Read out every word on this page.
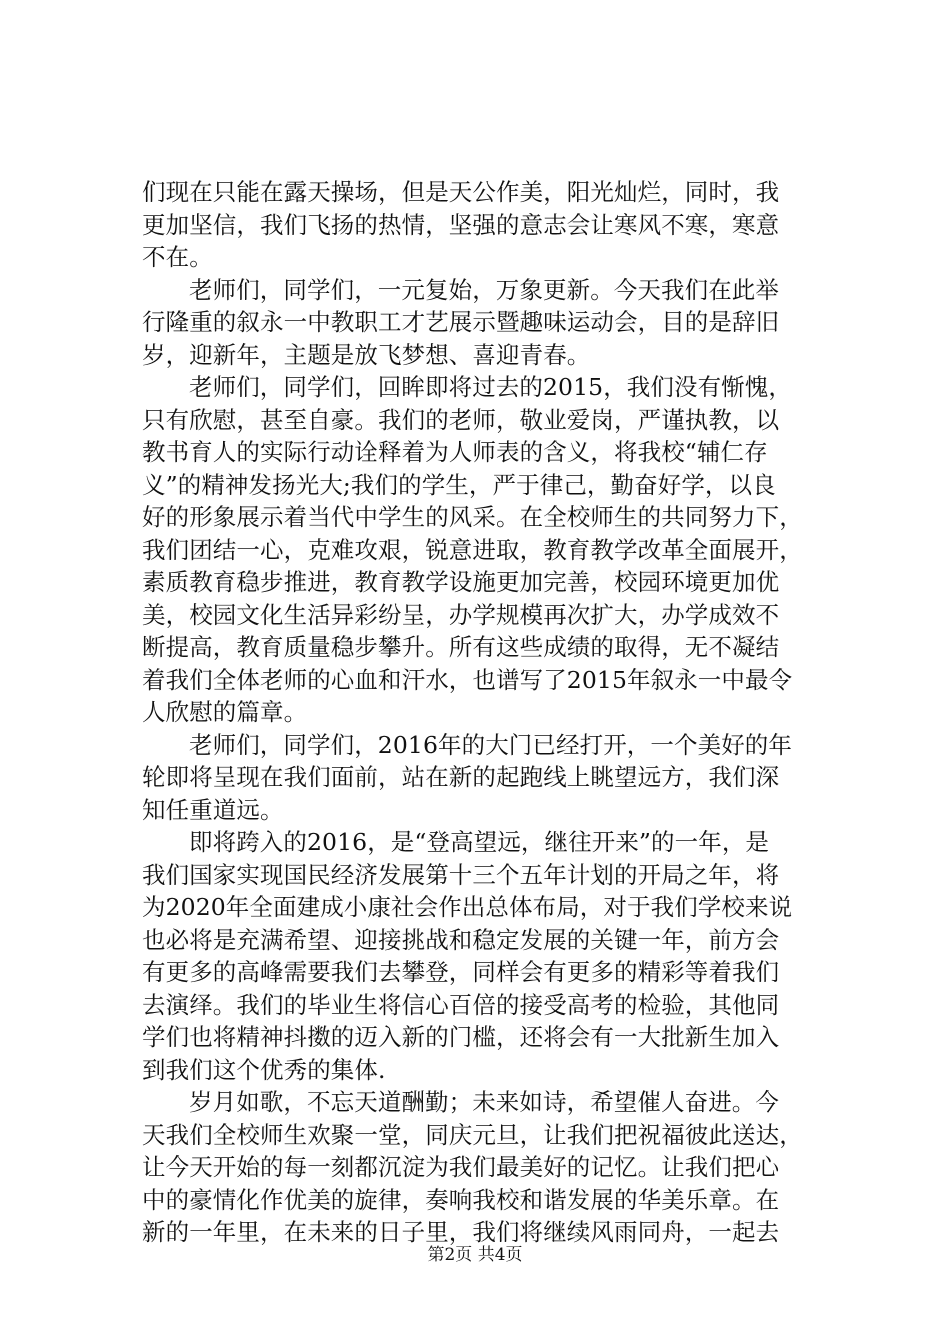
们现在只能在露天操场，但是天公作美，阳光灿烂，同时，我
更加坚信，我们飞扬的热情，坚强的意志会让寒风不寒，寒意
不在。
老师们，同学们，一元复始，万象更新。今天我们在此举
行隆重的叙永一中教职工才艺展示暨趣味运动会，目的是辞旧
岁，迎新年，主题是放飞梦想、喜迎青春。
老师们，同学们，回眸即将过去的2015，我们没有惭愧，
只有欣慰，甚至自豪。我们的老师，敬业爱岗，严谨执教，以
教书育人的实际行动诠释着为人师表的含义，将我校“辅仁存
义”的精神发扬光大;我们的学生，严于律己，勤奋好学，以良
好的形象展示着当代中学生的风采。在全校师生的共同努力下，
我们团结一心，克难攻艰，锐意进取，教育教学改革全面展开，
素质教育稳步推进，教育教学设施更加完善，校园环境更加优
美，校园文化生活异彩纷呈，办学规模再次扩大，办学成效不
断提高，教育质量稳步攀升。所有这些成绩的取得，无不凝结
着我们全体老师的心血和汗水，也谱写了2015年叙永一中最令
人欣慰的篇章。
老师们，同学们，2016年的大门已经打开，一个美好的年
轮即将呈现在我们面前，站在新的起跑线上眺望远方，我们深
知任重道远。
即将跨入的2016，是“登高望远，继往开来”的一年，是
我们国家实现国民经济发展第十三个五年计划的开局之年，将
为2020年全面建成小康社会作出总体布局，对于我们学校来说
也必将是充满希望、迎接挑战和稳定发展的关键一年，前方会
有更多的高峰需要我们去攀登，同样会有更多的精彩等着我们
去演绎。我们的毕业生将信心百倍的接受高考的检验，其他同
学们也将精神抖擞的迈入新的门槛，还将会有一大批新生加入
到我们这个优秀的集体.
岁月如歌，不忘天道酬勤；未来如诗，希望催人奋进。今
天我们全校师生欢聚一堂，同庆元旦，让我们把祝福彼此送达，
让今天开始的每一刻都沉淀为我们最美好的记忆。让我们把心
中的豪情化作优美的旋律，奏响我校和谐发展的华美乐章。在
新的一年里，在未来的日子里，我们将继续风雨同舟，一起去
第2页 共4页
